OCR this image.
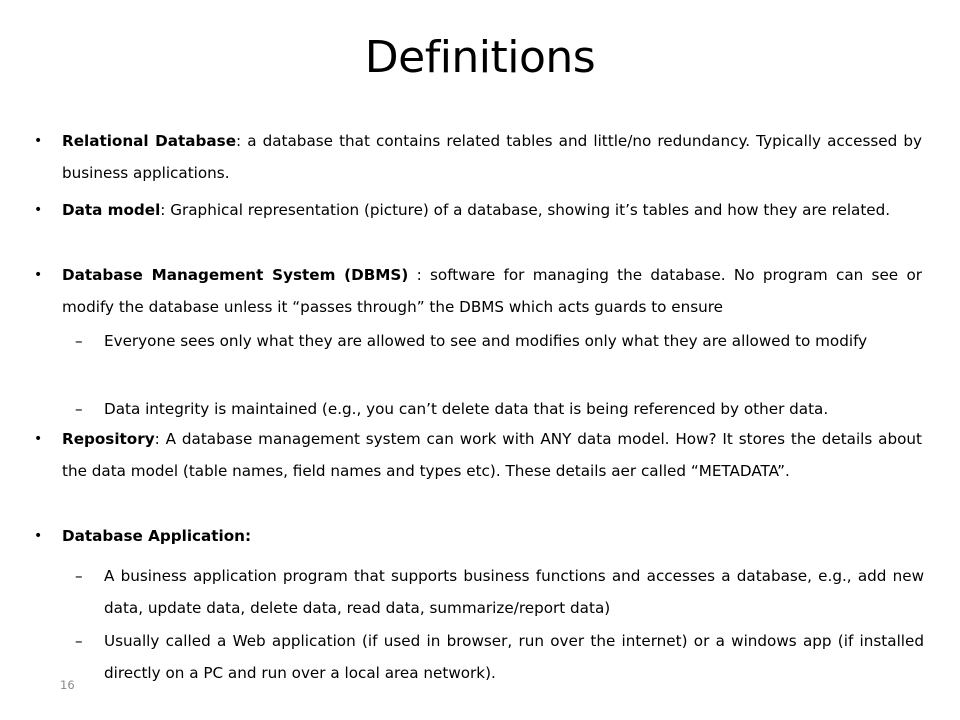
Definitions
• Relational Database: a database that contains related tables and little/no redundancy. Typically accessed by business applications.
• Data model: Graphical representation (picture) of a database, showing it’s tables and how they are related.
• Database Management System (DBMS) : software for managing the database. No program can see or modify the database unless it “passes through” the DBMS which acts guards to ensure
– Everyone sees only what they are allowed to see and modifies only what they are allowed to modify
– Data integrity is maintained (e.g., you can’t delete data that is being referenced by other data.
• Repository: A database management system can work with ANY data model. How? It stores the details about the data model (table names, field names and types etc). These details aer called “METADATA”.
• Database Application:
– A business application program that supports business functions and accesses a database, e.g., add new data, update data, delete data, read data, summarize/report data)
– Usually called a Web application (if used in browser, run over the internet) or a windows app (if installed directly on a PC and run over a local area network).
16
